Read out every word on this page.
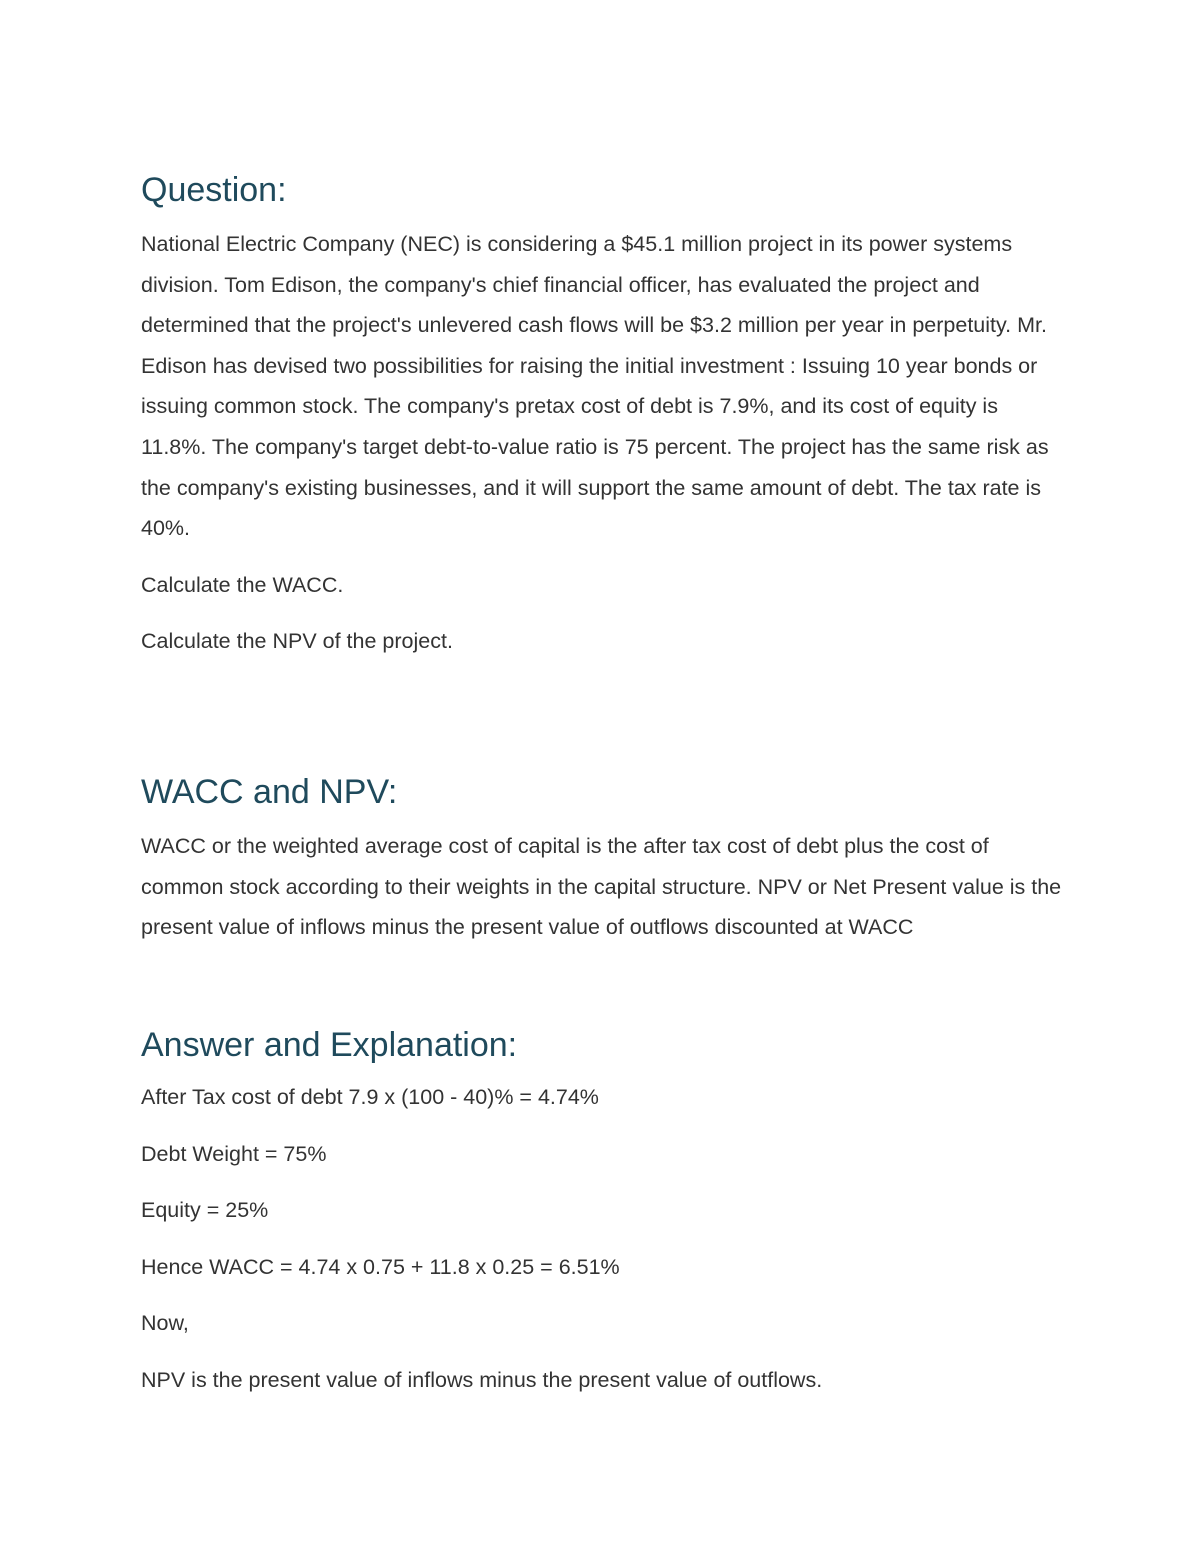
Question:

National Electric Company (NEC) is considering a $45.1 million project in its power systems division. Tom Edison, the company's chief financial officer, has evaluated the project and determined that the project's unlevered cash flows will be $3.2 million per year in perpetuity. Mr. Edison has devised two possibilities for raising the initial investment : Issuing 10 year bonds or issuing common stock. The company's pretax cost of debt is 7.9%, and its cost of equity is 11.8%. The company's target debt-to-value ratio is 75 percent. The project has the same risk as the company's existing businesses, and it will support the same amount of debt. The tax rate is 40%.

Calculate the WACC.

Calculate the NPV of the project.

WACC and NPV:

WACC or the weighted average cost of capital is the after tax cost of debt plus the cost of common stock according to their weights in the capital structure. NPV or Net Present value is the present value of inflows minus the present value of outflows discounted at WACC

Answer and Explanation:

After Tax cost of debt 7.9 x (100 - 40)% = 4.74%

Debt Weight = 75%

Equity = 25%

Hence WACC = 4.74 x 0.75 + 11.8 x 0.25 = 6.51%

Now,

NPV is the present value of inflows minus the present value of outflows.
